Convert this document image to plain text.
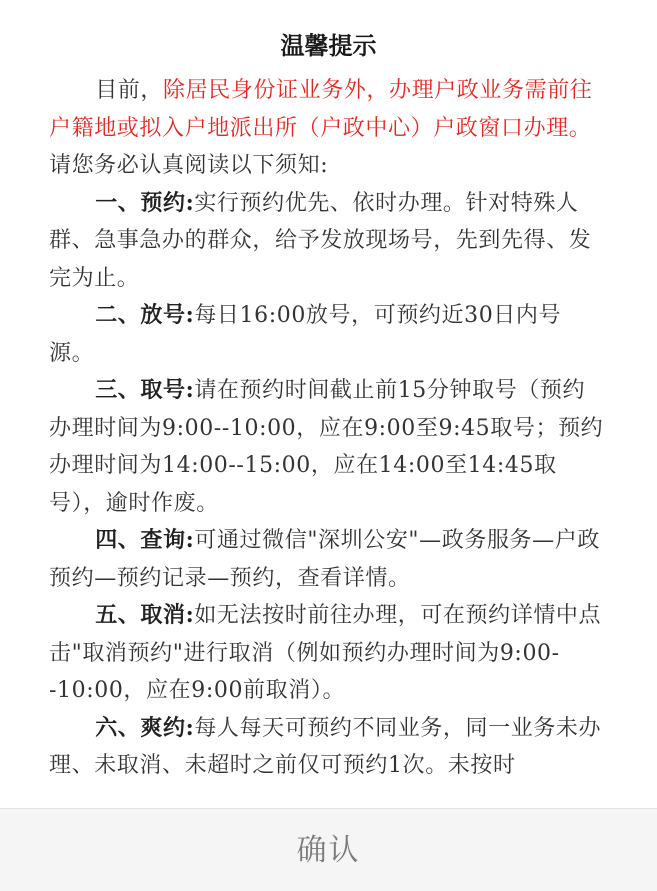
温馨提示

目前，除居民身份证业务外，办理户政业务需前往户籍地或拟入户地派出所（户政中心）户政窗口办理。请您务必认真阅读以下须知:

一、预约:实行预约优先、依时办理。针对特殊人群、急事急办的群众，给予发放现场号，先到先得、发完为止。

二、放号:每日16:00放号，可预约近30日内号源。

三、取号:请在预约时间截止前15分钟取号（预约办理时间为9:00--10:00，应在9:00至9:45取号；预约办理时间为14:00--15:00，应在14:00至14:45取号），逾时作废。

四、查询:可通过微信"深圳公安"—政务服务—户政预约—预约记录—预约，查看详情。

五、取消:如无法按时前往办理，可在预约详情中点击"取消预约"进行取消（例如预约办理时间为9:00--10:00，应在9:00前取消）。

六、爽约:每人每天可预约不同业务，同一业务未办理、未取消、未超时之前仅可预约1次。未按时

确认
